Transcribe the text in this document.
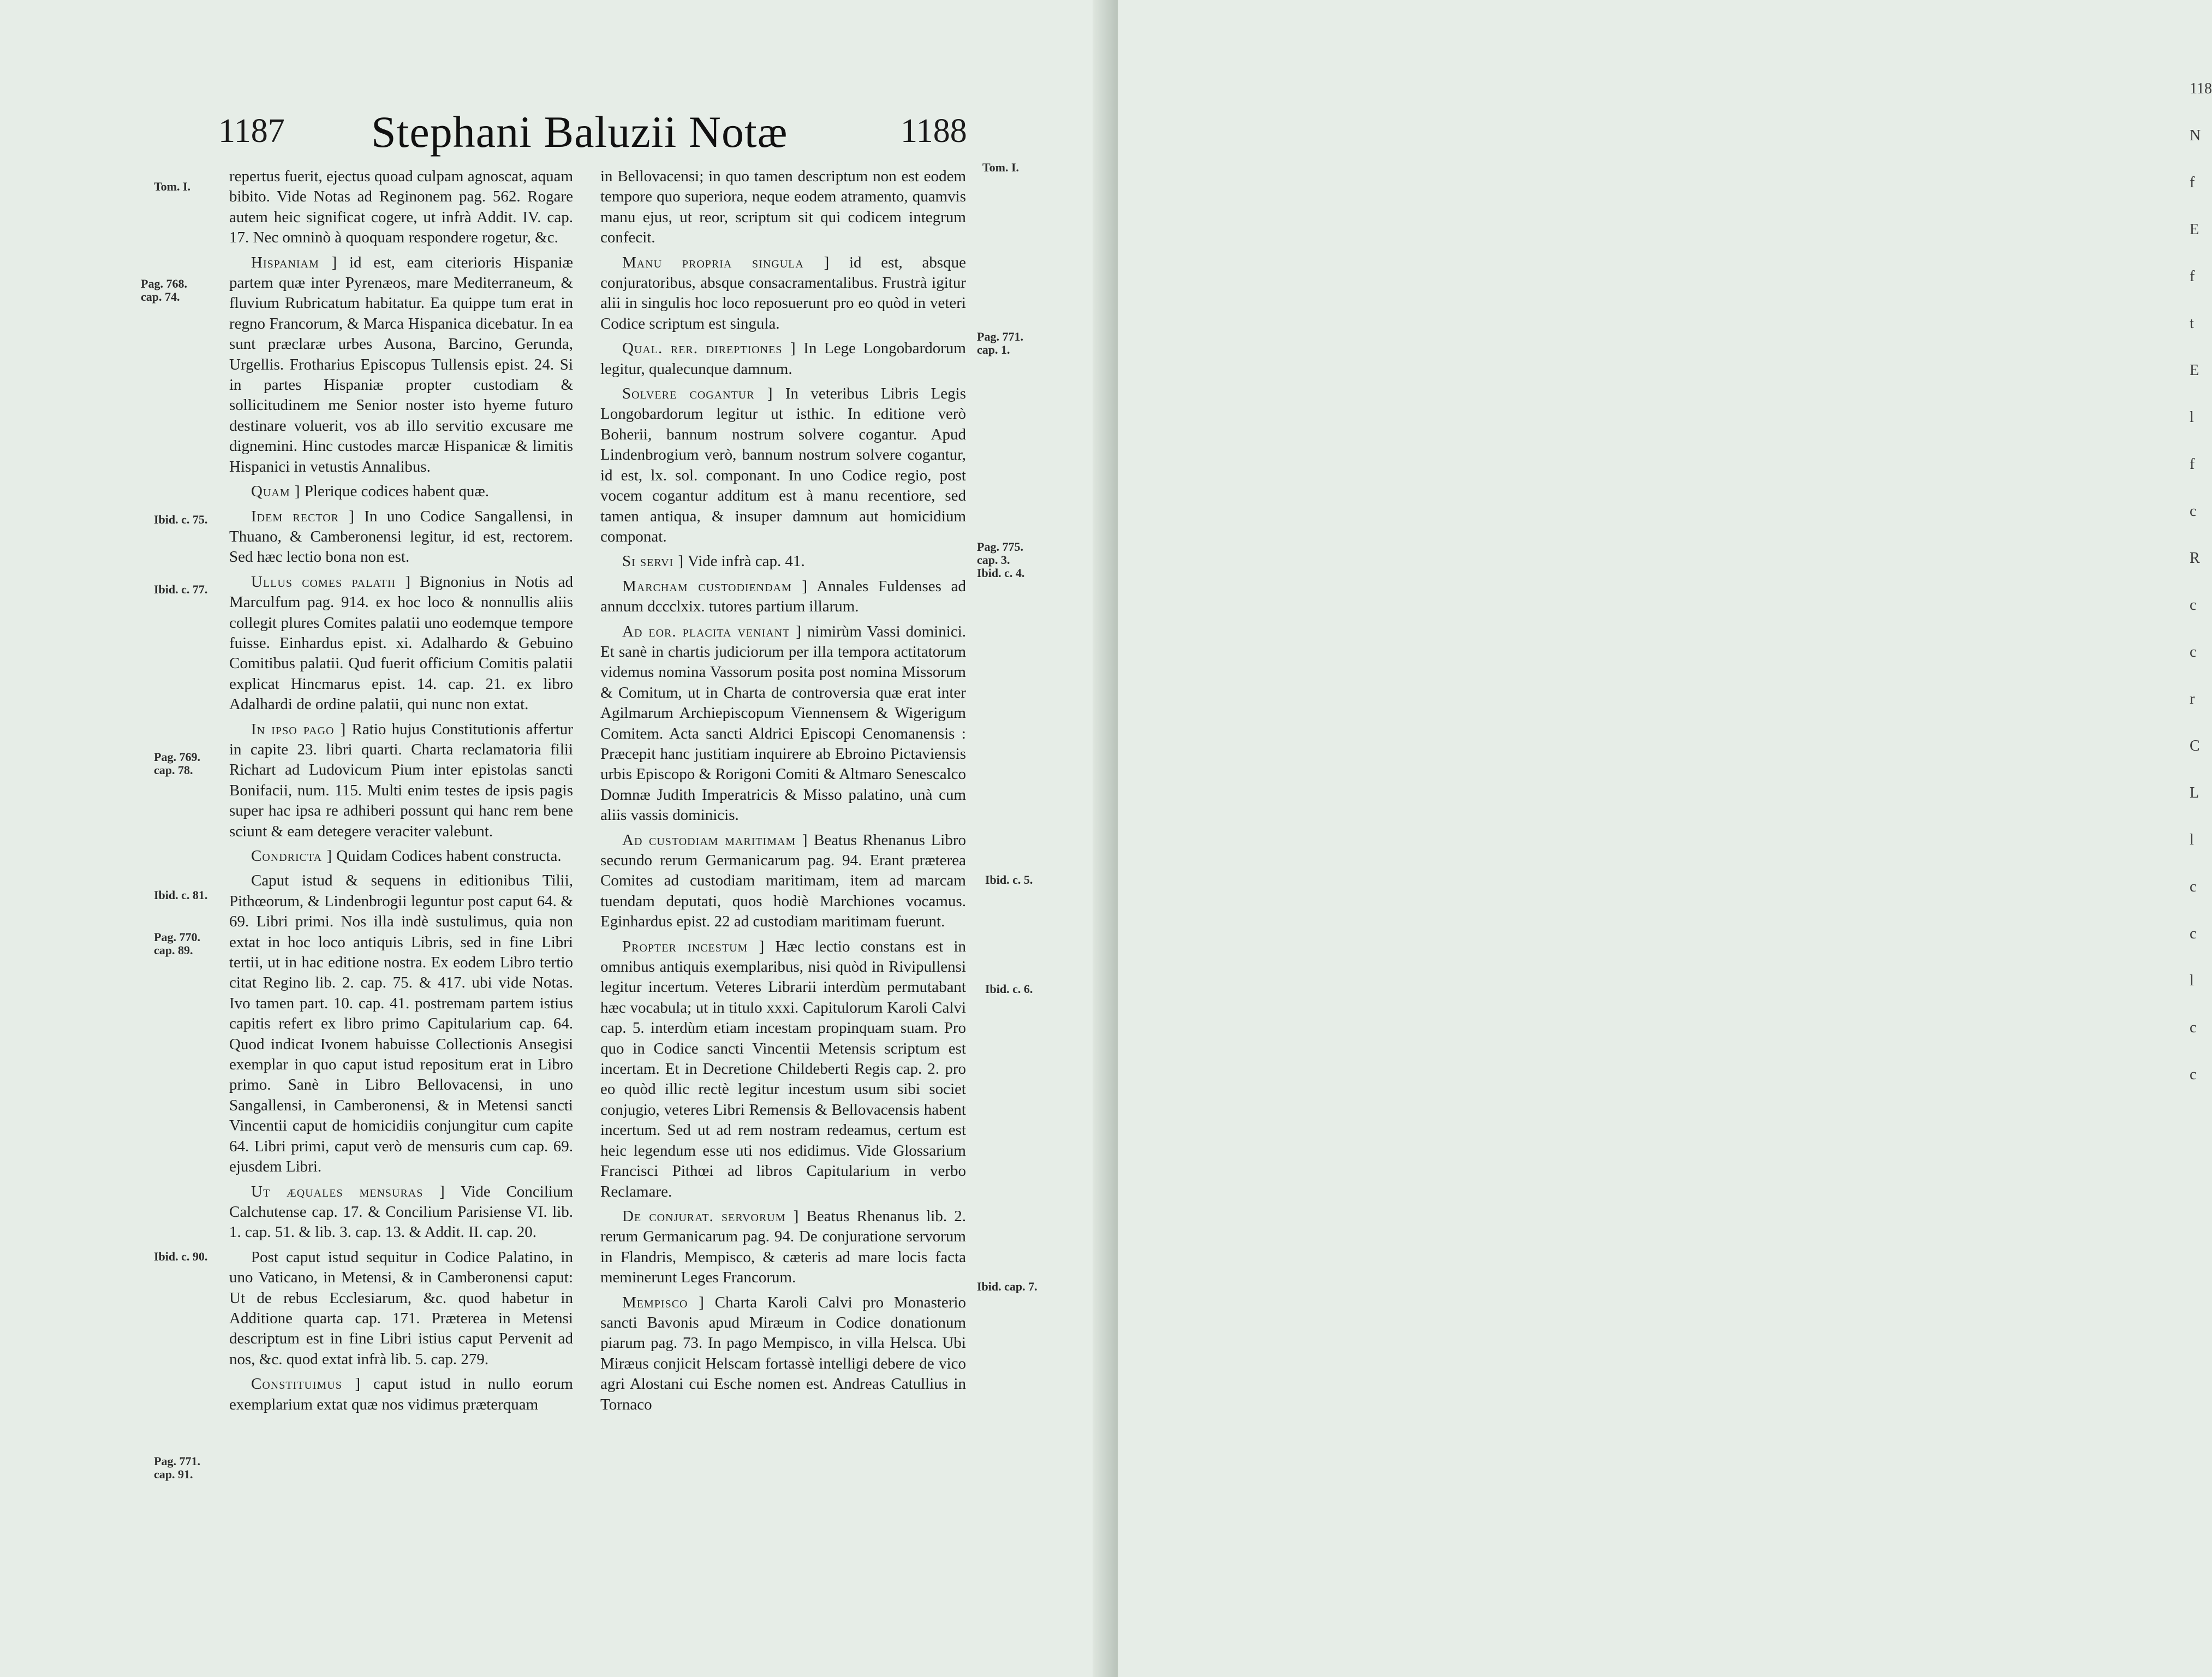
118
N
f
E
f
t
E
l
f
c
R
c
c
r
C
L
l
c
c
l
c
c
1187 Stephani Baluzii Notæ	1188
Tom. I.
Pag. 768.
cap. 74.
Ibid. c. 75.
Ibid. c. 77.
Pag. 769.
cap. 78.
Ibid. c. 81.
Pag. 770.
cap. 89.
Ibid. c. 90.
Pag. 771.
cap. 91.
Tom. I.
Pag. 771.
cap. 1.
Pag. 775.
cap. 3.
Ibid. c. 4.
Ibid. c. 5.
Ibid. c. 6.
Ibid. cap. 7.

repertus fuerit, ejectus quoad culpam agnoscat, aquam bibito. Vide Notas ad Reginonem pag. 562. Rogare autem heic significat cogere, ut infrà Addit. IV. cap. 17. Nec omninò à quoquam respondere rogetur, &c.

Hispaniam ] id est, eam citerioris Hispaniæ partem quæ inter Pyrenæos, mare Mediterraneum, & fluvium Rubricatum habitatur. Ea quippe tum erat in regno Francorum, & Marca Hispanica dicebatur. In ea sunt præclaræ urbes Ausona, Barcino, Gerunda, Urgellis. Frotharius Episcopus Tullensis epist. 24. Si in partes Hispaniæ propter custodiam & sollicitudinem me Senior noster isto hyeme futuro destinare voluerit, vos ab illo servitio excusare me dignemini. Hinc custodes marcæ Hispanicæ & limitis Hispanici in vetustis Annalibus.

Quam ] Plerique codices habent quæ.

Idem rector ] In uno Codice Sangallensi, in Thuano, & Camberonensi legitur, id est, rectorem. Sed hæc lectio bona non est.

Ullus comes palatii ] Bignonius in Notis ad Marculfum pag. 914. ex hoc loco & nonnullis aliis collegit plures Comites palatii uno eodemque tempore fuisse. Einhardus epist. xi. Adalhardo & Gebuino Comitibus palatii. Qud fuerit officium Comitis palatii explicat Hincmarus epist. 14. cap. 21. ex libro Adalhardi de ordine palatii, qui nunc non extat.

In ipso pago ] Ratio hujus Constitutionis affertur in capite 23. libri quarti. Charta reclamatoria filii Richart ad Ludovicum Pium inter epistolas sancti Bonifacii, num. 115. Multi enim testes de ipsis pagis super hac ipsa re adhiberi possunt qui hanc rem bene sciunt & eam detegere veraciter valebunt.

Condricta ] Quidam Codices habent constructa.

Caput istud & sequens in editionibus Tilii, Pithœorum, & Lindenbrogii leguntur post caput 64. & 69. Libri primi. Nos illa indè sustulimus, quia non extat in hoc loco antiquis Libris, sed in fine Libri tertii, ut in hac editione nostra. Ex eodem Libro tertio citat Regino lib. 2. cap. 75. & 417. ubi vide Notas. Ivo tamen part. 10. cap. 41. postremam partem istius capitis refert ex libro primo Capitularium cap. 64. Quod indicat Ivonem habuisse Collectionis Ansegisi exemplar in quo caput istud repositum erat in Libro primo. Sanè in Libro Bellovacensi, in uno Sangallensi, in Camberonensi, & in Metensi sancti Vincentii caput de homicidiis conjungitur cum capite 64. Libri primi, caput verò de mensuris cum cap. 69. ejusdem Libri.

Ut æquales mensuras ] Vide Concilium Calchutense cap. 17. & Concilium Parisiense VI. lib. 1. cap. 51. & lib. 3. cap. 13. & Addit. II. cap. 20.

Post caput istud sequitur in Codice Palatino, in uno Vaticano, in Metensi, & in Camberonensi caput: Ut de rebus Ecclesiarum, &c. quod habetur in Additione quarta cap. 171. Præterea in Metensi descriptum est in fine Libri istius caput Pervenit ad nos, &c. quod extat infrà lib. 5. cap. 279.

Constituimus ] caput istud in nullo eorum exemplarium extat quæ nos vidimus præterquam

in Bellovacensi; in quo tamen descriptum non est eodem tempore quo superiora, neque eodem atramento, quamvis manu ejus, ut reor, scriptum sit qui codicem integrum confecit.

Manu propria singula ] id est, absque conjuratoribus, absque consacramentalibus. Frustrà igitur alii in singulis hoc loco reposuerunt pro eo quòd in veteri Codice scriptum est singula.

Qual. rer. direptiones ] In Lege Longobardorum legitur, qualecunque damnum.

Solvere cogantur ] In veteribus Libris Legis Longobardorum legitur ut isthic. In editione verò Boherii, bannum nostrum solvere cogantur. Apud Lindenbrogium verò, bannum nostrum solvere cogantur, id est, lx. sol. componant. In uno Codice regio, post vocem cogantur additum est à manu recentiore, sed tamen antiqua, & insuper damnum aut homicidium componat.

Si servi ] Vide infrà cap. 41.

Marcham custodiendam ] Annales Fuldenses ad annum dccclxix. tutores partium illarum.

Ad eor. placita veniant ] nimirùm Vassi dominici. Et sanè in chartis judiciorum per illa tempora actitatorum videmus nomina Vassorum posita post nomina Missorum & Comitum, ut in Charta de controversia quæ erat inter Agilmarum Archiepiscopum Viennensem & Wigerigum Comitem. Acta sancti Aldrici Episcopi Cenomanensis : Præcepit hanc justitiam inquirere ab Ebroino Pictaviensis urbis Episcopo & Rorigoni Comiti & Altmaro Senescalco Domnæ Judith Imperatricis & Misso palatino, unà cum aliis vassis dominicis.

Ad custodiam maritimam ] Beatus Rhenanus Libro secundo rerum Germanicarum pag. 94. Erant præterea Comites ad custodiam maritimam, item ad marcam tuendam deputati, quos hodiè Marchiones vocamus. Eginhardus epist. 22 ad custodiam maritimam fuerunt.

Propter incestum ] Hæc lectio constans est in omnibus antiquis exemplaribus, nisi quòd in Rivipullensi legitur incertum. Veteres Librarii interdùm permutabant hæc vocabula; ut in titulo xxxi. Capitulorum Karoli Calvi cap. 5. interdùm etiam incestam propinquam suam. Pro quo in Codice sancti Vincentii Metensis scriptum est incertam. Et in Decretione Childeberti Regis cap. 2. pro eo quòd illic rectè legitur incestum usum sibi societ conjugio, veteres Libri Remensis & Bellovacensis habent incertum. Sed ut ad rem nostram redeamus, certum est heic legendum esse uti nos edidimus. Vide Glossarium Francisci Pithœi ad libros Capitularium in verbo Reclamare.

De conjurat. servorum ] Beatus Rhenanus lib. 2. rerum Germanicarum pag. 94. De conjuratione servorum in Flandris, Mempisco, & cæteris ad mare locis facta meminerunt Leges Francorum.

Mempisco ] Charta Karoli Calvi pro Monasterio sancti Bavonis apud Miræum in Codice donationum piarum pag. 73. In pago Mempisco, in villa Helsca. Ubi Miræus conjicit Helscam fortassè intelligi debere de vico agri Alostani cui Esche nomen est. Andreas Catullius in Tornaco
